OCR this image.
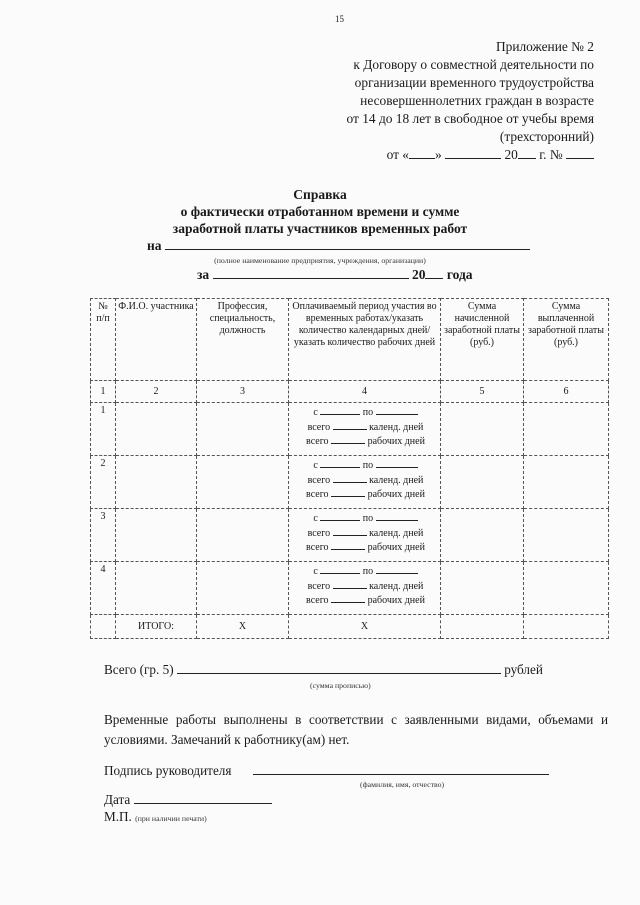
15
Приложение № 2
к Договору о совместной деятельности по
организации временного трудоустройства
несовершеннолетних граждан в возрасте
от 14 до 18 лет в свободное от учебы время
(трехсторонний)
от « »	20 г. №
Справка
о фактически отработанном времени и сумме
заработной платы участников временных работ
на
(полное наименование предприятия, учреждения, организации)
за	20 года
№ п/п	Ф.И.О. участника	Профессия, специальность, должность	Оплачиваемый период участия во временных работах/указать количество календарных дней/указать количество рабочих дней	Сумма начисленной заработной платы (руб.)	Сумма выплаченной заработной платы (руб.)
1	2	3	4	5	6
1			с по
всего календ. дней
всего рабочих дней		

2			с по
всего календ. дней
всего рабочих дней		

3			с по
всего календ. дней
всего рабочих дней		

4			с по
всего календ. дней
всего рабочих дней		

	ИТОГО:	Х	Х		
Всего (гр. 5)	рублей
(сумма прописью)
Временные работы выполнены в соответствии с заявленными видами, объемами и условиями. Замечаний к работнику(ам) нет.
Подпись руководителя
(фамилия, имя, отчество)
Дата
М.П. (при наличии печати)
